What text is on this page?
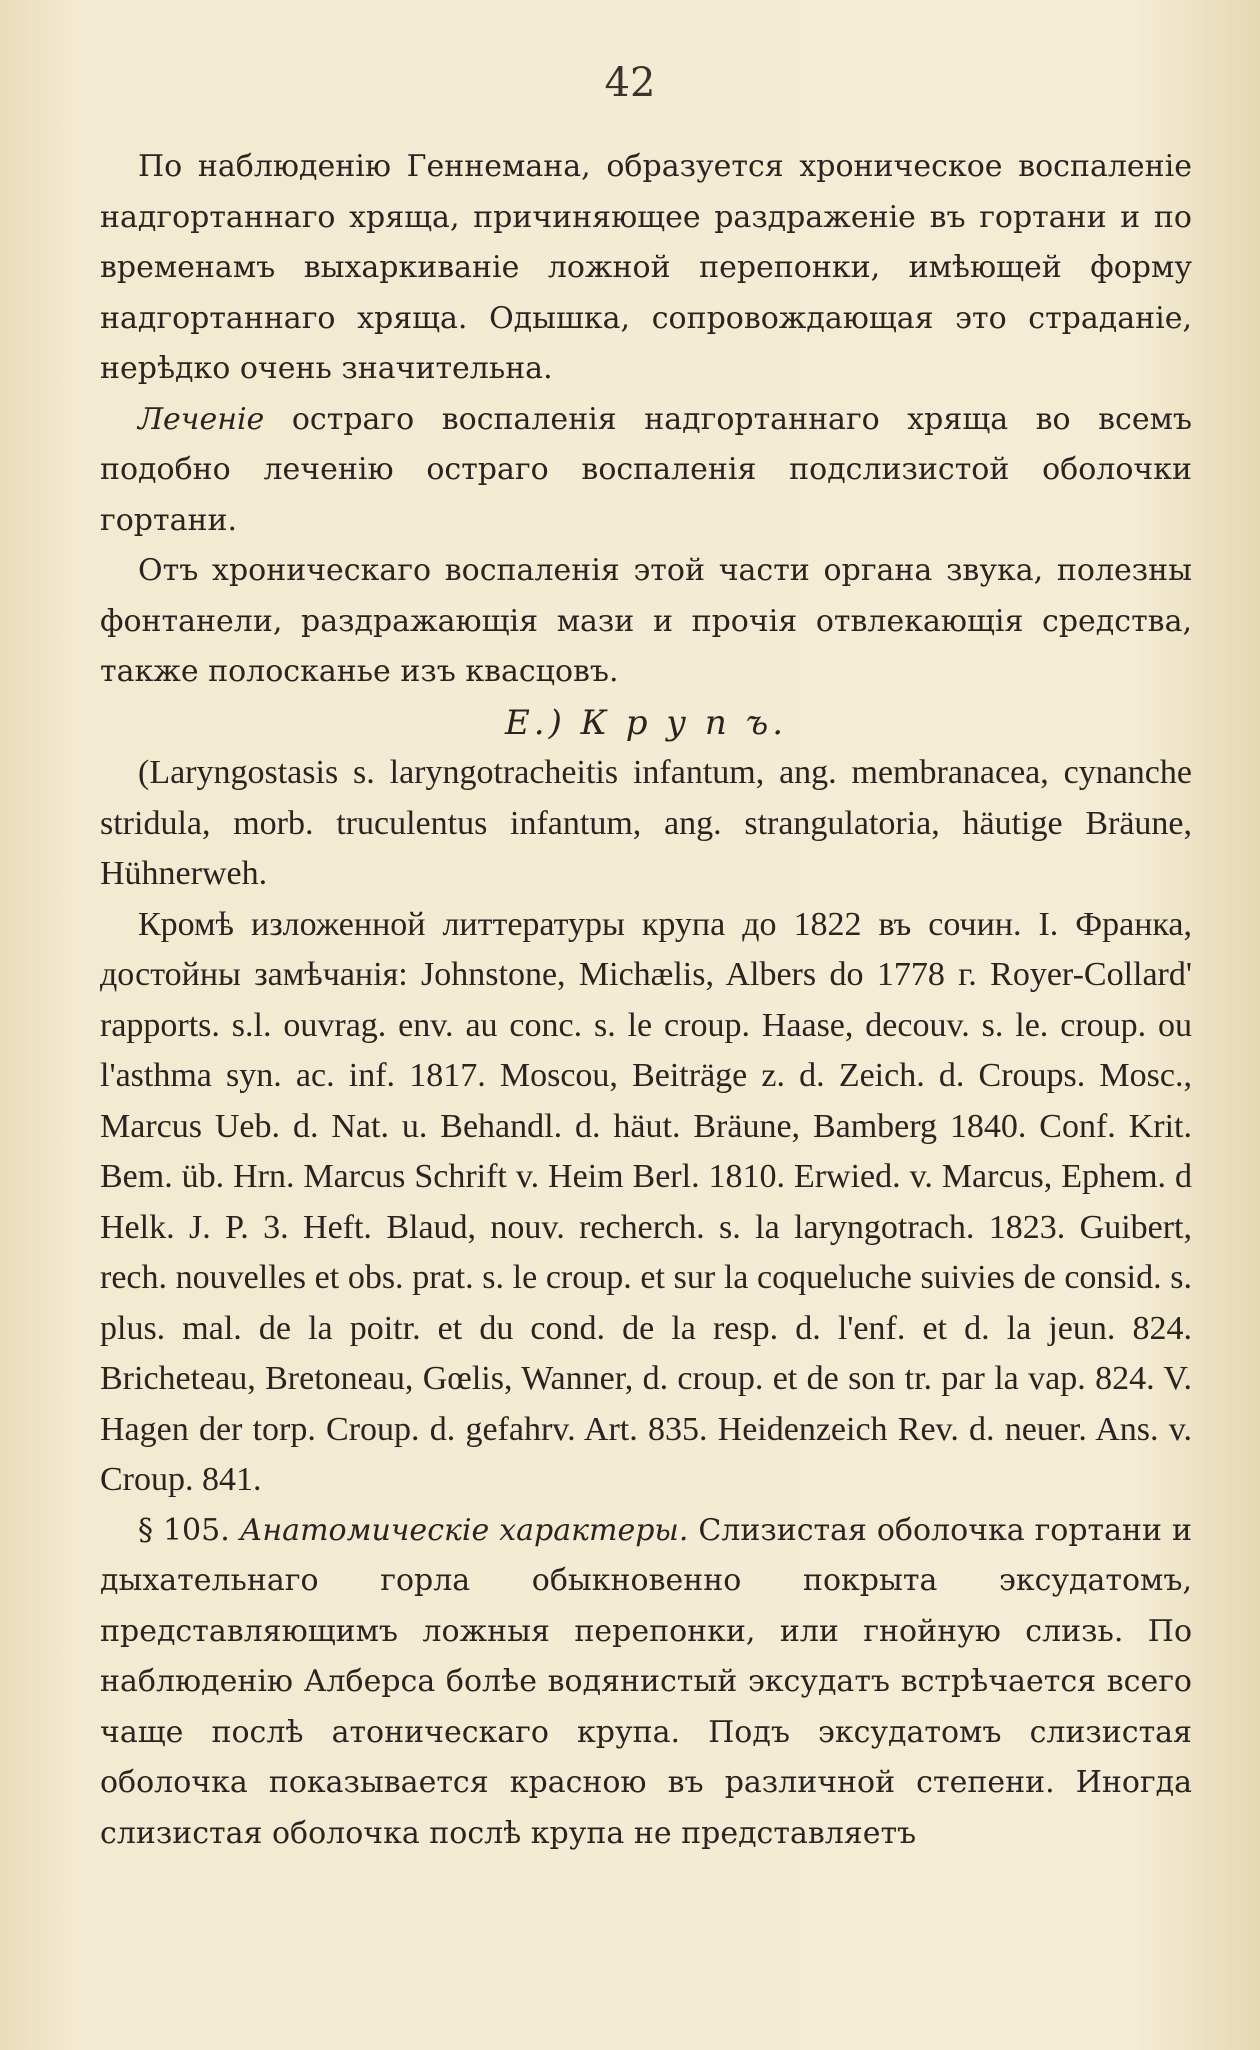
42

По наблюденію Геннемана, образуется хроническое воспаленіе надгортаннаго хряща, причиняющее раздраженіе въ гортани и по временамъ выхаркиваніе ложной перепонки, имѣющей форму надгортаннаго хряща. Одышка, сопровождающая это страданіе, нерѣдко очень значительна.

Леченіе остраго воспаленія надгортаннаго хряща во всемъ подобно леченію остраго воспаленія подслизистой оболочки гортани.

Отъ хроническаго воспаленія этой части органа звука, полезны фонтанели, раздражающія мази и прочія отвлекающія средства, также полосканье изъ квасцовъ.

E.) К р у п ъ.

(Laryngostasis s. laryngotracheitis infantum, ang. membranacea, cynanche stridula, morb. truculentus infantum, ang. strangulatoria, häutige Bräune, Hühnerweh.

Кромѣ изложенной литтературы крупа до 1822 въ сочин. I. Франка, достойны замѣчанія: Johnstone, Michælis, Albers do 1778 г. Royer-Collard' rapports. s.l. ouvrag. env. au conc. s. le croup. Haase, decouv. s. le. croup. ou l'asthma syn. ac. inf. 1817. Moscou, Beiträge z. d. Zeich. d. Croups. Mosc., Marcus Ueb. d. Nat. u. Behandl. d. häut. Bräune, Bamberg 1840. Conf. Krit. Bem. üb. Hrn. Marcus Schrift v. Heim Berl. 1810. Erwied. v. Marcus, Ephem. d Helk. J. P. 3. Heft. Blaud, nouv. recherch. s. la laryngotrach. 1823. Guibert, rech. nouvelles et obs. prat. s. le croup. et sur la coqueluche suivies de consid. s. plus. mal. de la poitr. et du cond. de la resp. d. l'enf. et d. la jeun. 824. Bricheteau, Bretoneau, Gœlis, Wanner, d. croup. et de son tr. par la vap. 824. V. Hagen der torp. Croup. d. gefahrv. Art. 835. Heidenzeich Rev. d. neuer. Ans. v. Croup. 841.

§ 105. Анатомическіе характеры. Слизистая оболочка гортани и дыхательнаго горла обыкновенно покрыта эксудатомъ, представляющимъ ложныя перепонки, или гнойную слизь. По наблюденію Алберса болѣе водянистый эксудатъ встрѣчается всего чаще послѣ атоническаго крупа. Подъ эксудатомъ слизистая оболочка показывается красною въ различной степени. Иногда слизистая оболочка послѣ крупа не представляетъ
